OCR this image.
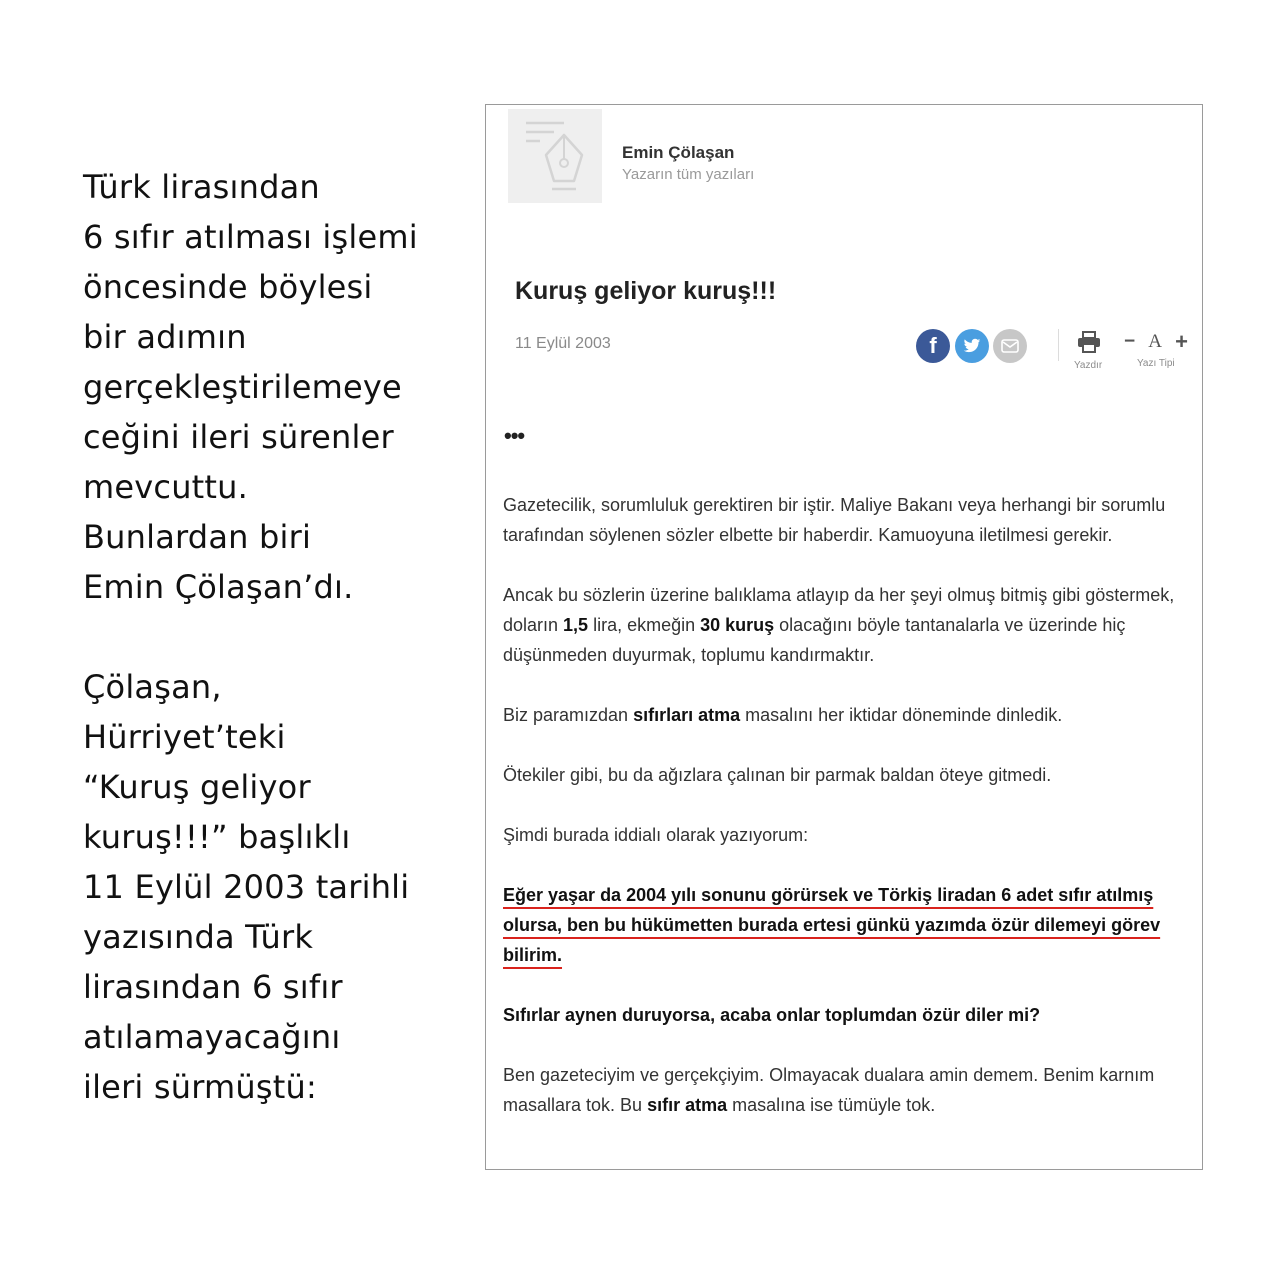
Türk lirasından
6 sıfır atılması işlemi
öncesinde böylesi
bir adımın
gerçekleştirilemeye
ceğini ileri sürenler
mevcuttu.
Bunlardan biri
Emin Çölaşan’dı.
Çölaşan,
Hürriyet’teki
“Kuruş geliyor
kuruş!!!” başlıklı
11 Eylül 2003 tarihli
yazısında Türk
lirasından 6 sıfır
atılamayacağını
ileri sürmüştü:
Emin Çölaşan
Yazarın tüm yazıları
Kuruş geliyor kuruş!!!
11 Eylül 2003	f
Yazdır
− A +
Yazı Tipi
•••

Gazetecilik, sorumluluk gerektiren bir iştir. Maliye Bakanı veya herhangi bir sorumlu tarafından söylenen sözler elbette bir haberdir. Kamuoyuna iletilmesi gerekir.

Ancak bu sözlerin üzerine balıklama atlayıp da her şeyi olmuş bitmiş gibi göstermek, doların 1,5 lira, ekmeğin 30 kuruş olacağını böyle tantanalarla ve üzerinde hiç düşünmeden duyurmak, toplumu kandırmaktır.

Biz paramızdan sıfırları atma masalını her iktidar döneminde dinledik.

Ötekiler gibi, bu da ağızlara çalınan bir parmak baldan öteye gitmedi.

Şimdi burada iddialı olarak yazıyorum:

Eğer yaşar da 2004 yılı sonunu görürsek ve Törkiş liradan 6 adet sıfır atılmış olursa, ben bu hükümetten burada ertesi günkü yazımda özür dilemeyi görev bilirim.

Sıfırlar aynen duruyorsa, acaba onlar toplumdan özür diler mi?

Ben gazeteciyim ve gerçekçiyim. Olmayacak dualara amin demem. Benim karnım masallara tok. Bu sıfır atma masalına ise tümüyle tok.
